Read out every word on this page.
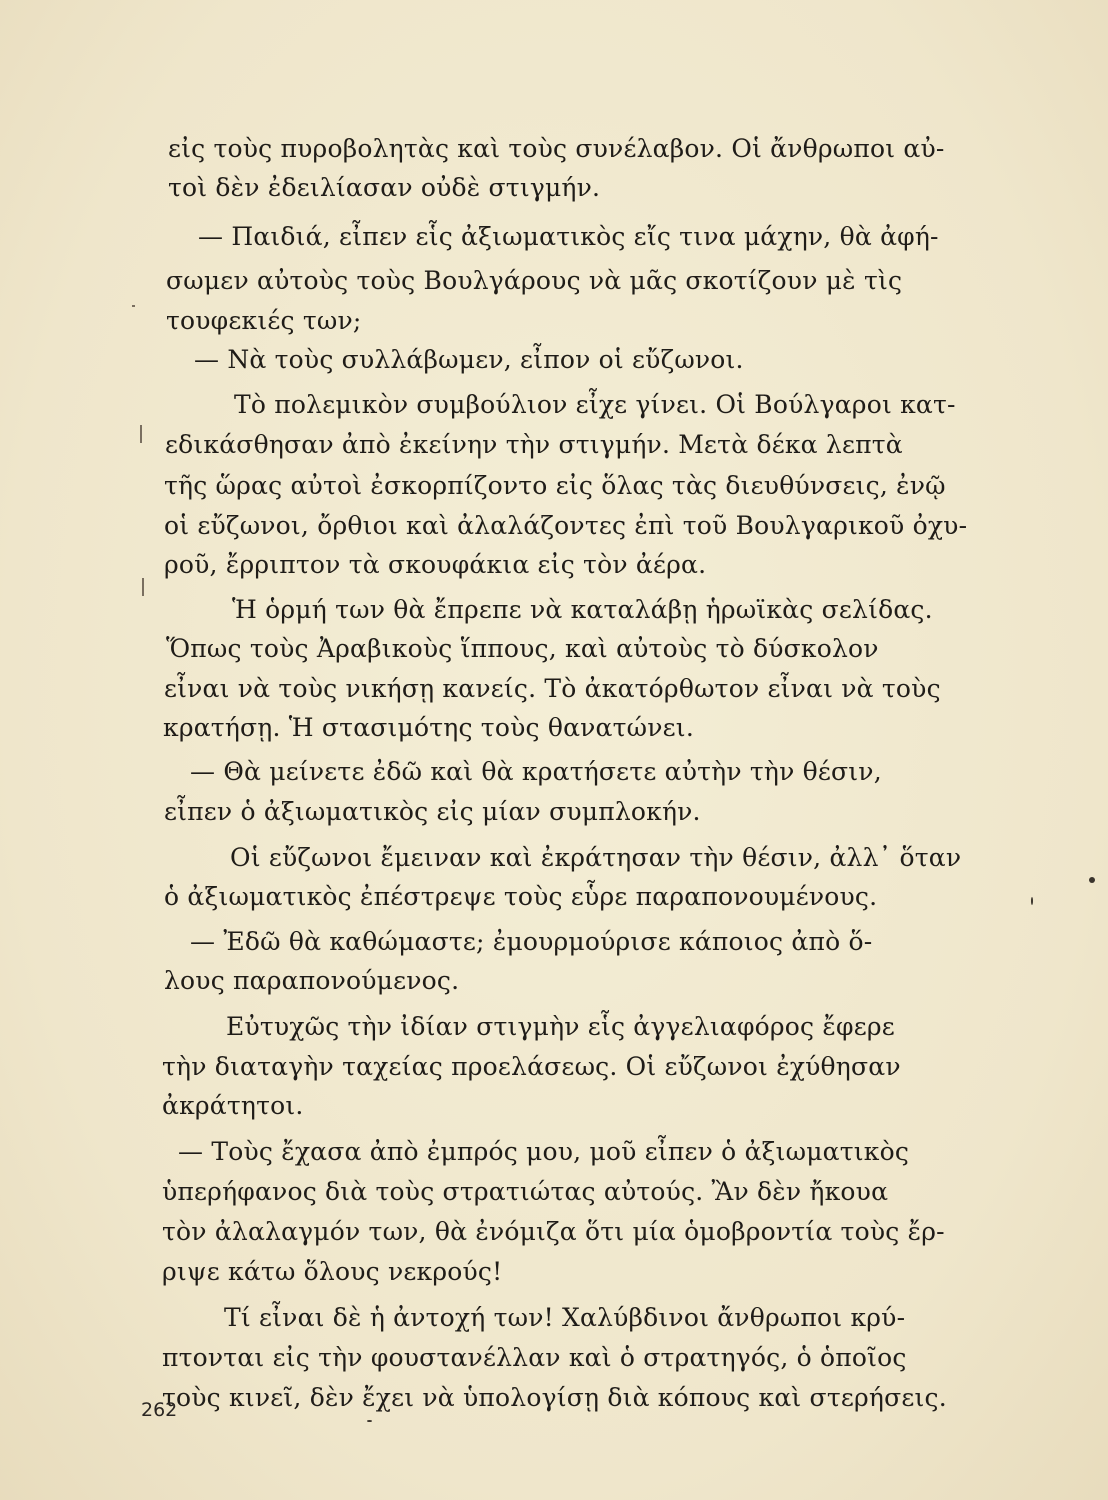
εἰς τοὺς πυροβολητὰς καὶ τοὺς συνέλαβον. Οἱ ἄνθρωποι αὐ-
τοὶ δὲν ἐδειλίασαν οὐδὲ στιγμήν.
— Παιδιά, εἶπεν εἷς ἀξιωματικὸς εἴς τινα μάχην, θὰ ἀφή-
σωμεν αὐτοὺς τοὺς Βουλγάρους νὰ μᾶς σκοτίζουν μὲ τὶς
τουφεκιές των;
— Νὰ τοὺς συλλάβωμεν, εἶπον οἱ εὔζωνοι.
Τὸ πολεμικὸν συμβούλιον εἶχε γίνει. Οἱ Βούλγαροι κατ-
εδικάσθησαν ἀπὸ ἐκείνην τὴν στιγμήν. Μετὰ δέκα λεπτὰ
τῆς ὥρας αὐτοὶ ἐσκορπίζοντο εἰς ὅλας τὰς διευθύνσεις, ἐνῷ
οἱ εὔζωνοι, ὄρθιοι καὶ ἀλαλάζοντες ἐπὶ τοῦ Βουλγαρικοῦ ὀχυ-
ροῦ, ἔρριπτον τὰ σκουφάκια εἰς τὸν ἀέρα.
Ἡ ὁρμή των θὰ ἔπρεπε νὰ καταλάβῃ ἡρωϊκὰς σελίδας.
Ὅπως τοὺς Ἀραβικοὺς ἵππους, καὶ αὐτοὺς τὸ δύσκολον
εἶναι νὰ τοὺς νικήσῃ κανείς. Τὸ ἀκατόρθωτον εἶναι νὰ τοὺς
κρατήσῃ. Ἡ στασιμότης τοὺς θανατώνει.
— Θὰ μείνετε ἐδῶ καὶ θὰ κρατήσετε αὐτὴν τὴν θέσιν,
εἶπεν ὁ ἀξιωματικὸς εἰς μίαν συμπλοκήν.
Οἱ εὔζωνοι ἔμειναν καὶ ἐκράτησαν τὴν θέσιν, ἀλλ᾽ ὅταν
ὁ ἀξιωματικὸς ἐπέστρεψε τοὺς εὗρε παραπονουμένους.
— Ἐδῶ θὰ καθώμαστε; ἐμουρμούρισε κάποιος ἀπὸ ὅ-
λους παραπονούμενος.
Εὐτυχῶς τὴν ἰδίαν στιγμὴν εἷς ἀγγελιαφόρος ἔφερε
τὴν διαταγὴν ταχείας προελάσεως. Οἱ εὔζωνοι ἐχύθησαν
ἀκράτητοι.
— Τοὺς ἔχασα ἀπὸ ἐμπρός μου, μοῦ εἶπεν ὁ ἀξιωματικὸς
ὑπερήφανος διὰ τοὺς στρατιώτας αὐτούς. Ἂν δὲν ἤκουα
τὸν ἀλαλαγμόν των, θὰ ἐνόμιζα ὅτι μία ὁμοβροντία τοὺς ἔρ-
ριψε κάτω ὅλους νεκρούς!
Τί εἶναι δὲ ἡ ἀντοχή των! Χαλύβδινοι ἄνθρωποι κρύ-
πτονται εἰς τὴν φουστανέλλαν καὶ ὁ στρατηγός, ὁ ὁποῖος
τοὺς κινεῖ, δὲν ἔχει νὰ ὑπολογίσῃ διὰ κόπους καὶ στερήσεις.
262
